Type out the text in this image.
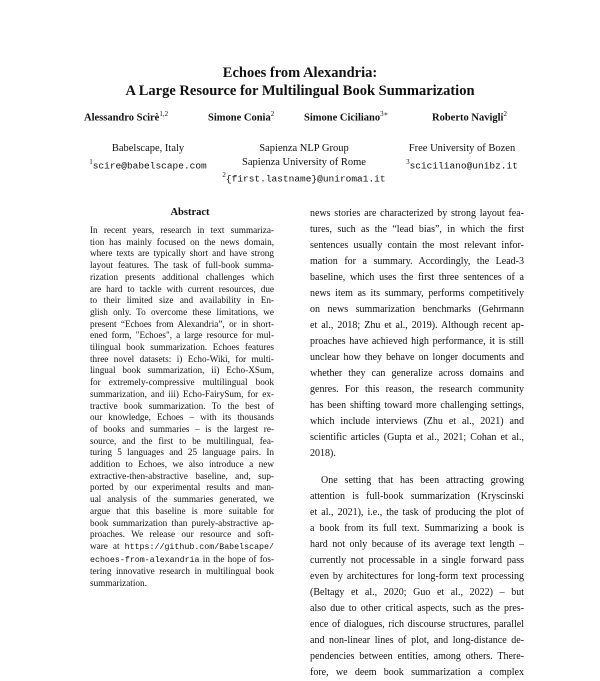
Echoes from Alexandria:
A Large Resource for Multilingual Book Summarization
Alessandro Scirè$^{1,2}$	Simone Conia$^2$	Simone Ciciliano$^{3∗}$	Roberto Navigli$^2$
Babelscape, Italy
$^1$scire@babelscape.com
Sapienza NLP Group
Sapienza University of Rome
$^2${first.lastname}@uniroma1.it
Free University of Bozen
$^3$sciciliano@unibz.it
Abstract
In recent years, research in text summariza-
tion has mainly focused on the news domain,
where texts are typically short and have strong
layout features. The task of full-book summa-
rization presents additional challenges which
are hard to tackle with current resources, due
to their limited size and availability in En-
glish only. To overcome these limitations, we
present “Echoes from Alexandria”, or in short-
ened form, "Echoes", a large resource for mul-
tilingual book summarization. Echoes features
three novel datasets: i) Echo-Wiki, for multi-
lingual book summarization, ii) Echo-XSum,
for extremely-compressive multilingual book
summarization, and iii) Echo-FairySum, for ex-
tractive book summarization. To the best of
our knowledge, Echoes – with its thousands
of books and summaries – is the largest re-
source, and the first to be multilingual, fea-
turing 5 languages and 25 language pairs. In
addition to Echoes, we also introduce a new
extractive-then-abstractive baseline, and, sup-
ported by our experimental results and man-
ual analysis of the summaries generated, we
argue that this baseline is more suitable for
book summarization than purely-abstractive ap-
proaches. We release our resource and soft-
ware at https://github.com/Babelscape/
echoes-from-alexandria in the hope of fos-
tering innovative research in multilingual book
summarization.
news stories are characterized by strong layout fea-
tures, such as the “lead bias”, in which the first
sentences usually contain the most relevant infor-
mation for a summary. Accordingly, the Lead-3
baseline, which uses the first three sentences of a
news item as its summary, performs competitively
on news summarization benchmarks (Gehrmann
et al., 2018; Zhu et al., 2019). Although recent ap-
proaches have achieved high performance, it is still
unclear how they behave on longer documents and
whether they can generalize across domains and
genres. For this reason, the research community
has been shifting toward more challenging settings,
which include interviews (Zhu et al., 2021) and
scientific articles (Gupta et al., 2021; Cohan et al.,
2018).
One setting that has been attracting growing
attention is full-book summarization (Kryscinski
et al., 2021), i.e., the task of producing the plot of
a book from its full text. Summarizing a book is
hard not only because of its average text length –
currently not processable in a single forward pass
even by architectures for long-form text processing
(Beltagy et al., 2020; Guo et al., 2022) – but
also due to other critical aspects, such as the pres-
ence of dialogues, rich discourse structures, parallel
and non-linear lines of plot, and long-distance de-
pendencies between entities, among others. There-
fore, we deem book summarization a complex
